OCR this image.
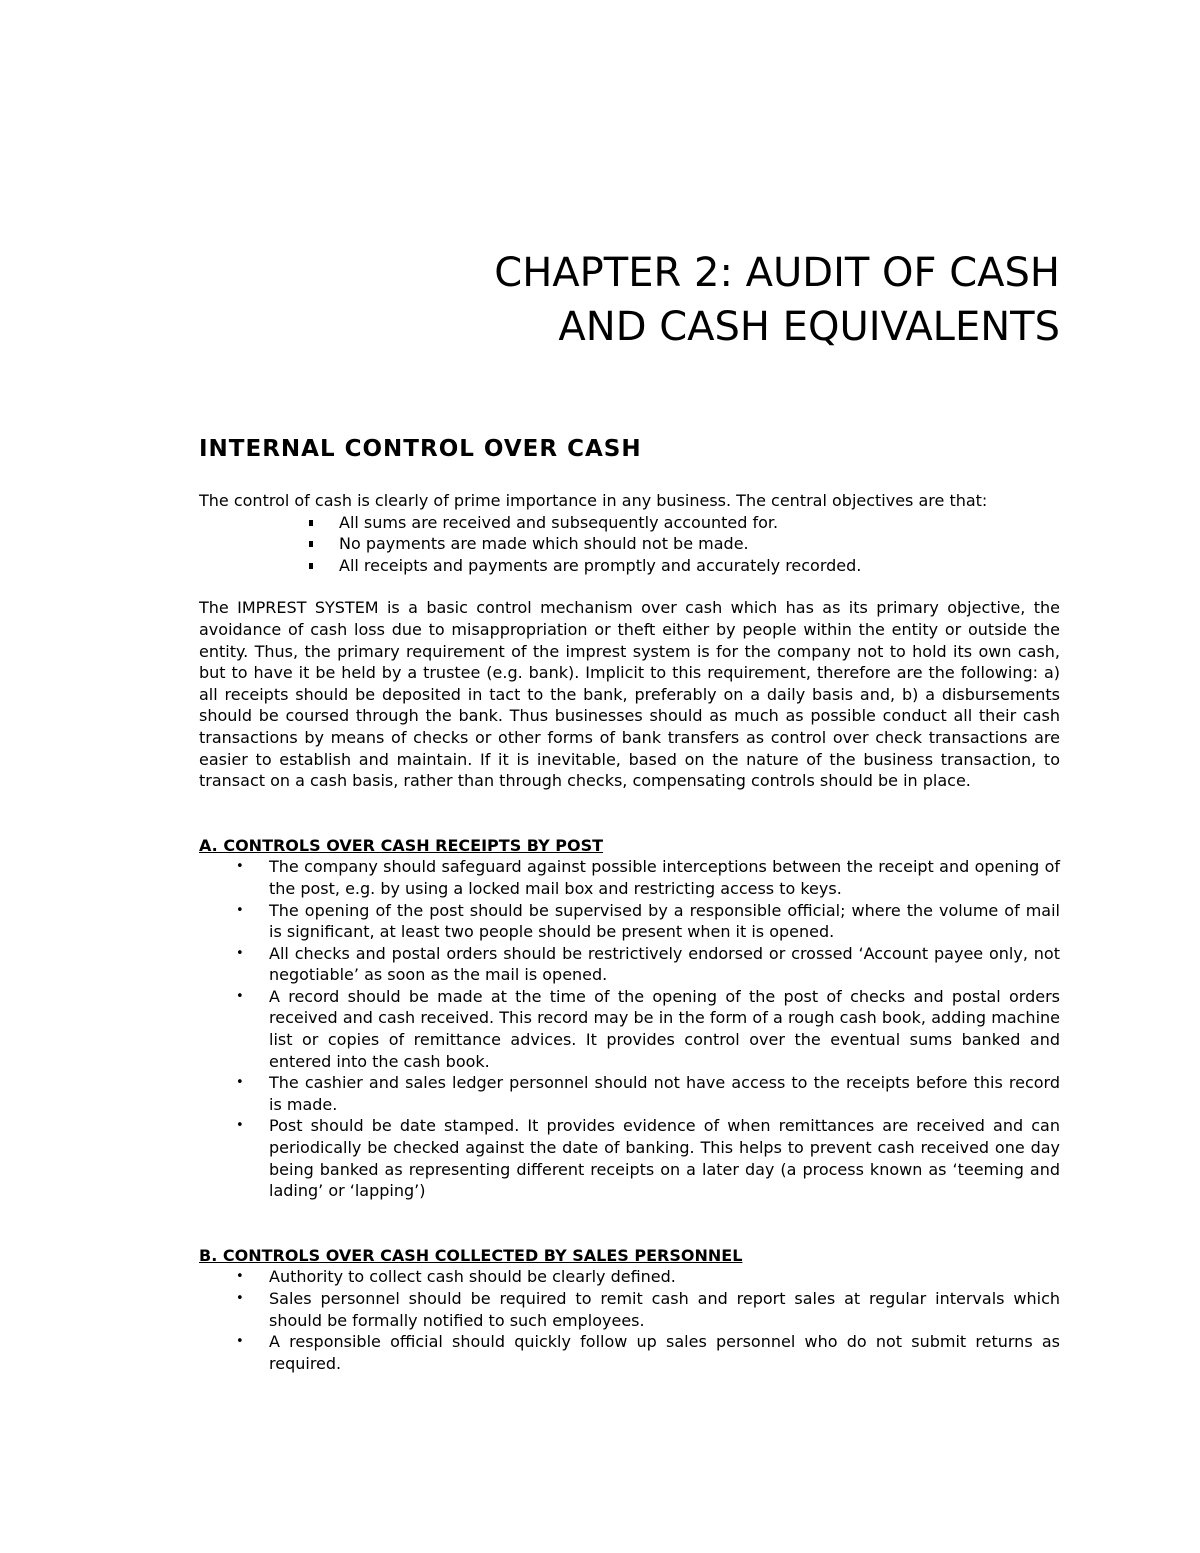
CHAPTER 2: AUDIT OF CASH
AND CASH EQUIVALENTS
INTERNAL CONTROL OVER CASH

The control of cash is clearly of prime importance in any business. The central objectives are that:

All sums are received and subsequently accounted for.
No payments are made which should not be made.
All receipts and payments are promptly and accurately recorded.

The IMPREST SYSTEM is a basic control mechanism over cash which has as its primary objective, the avoidance of cash loss due to misappropriation or theft either by people within the entity or outside the entity. Thus, the primary requirement of the imprest system is for the company not to hold its own cash, but to have it be held by a trustee (e.g. bank). Implicit to this requirement, therefore are the following: a) all receipts should be deposited in tact to the bank, preferably on a daily basis and, b) a disbursements should be coursed through the bank. Thus businesses should as much as possible conduct all their cash transactions by means of checks or other forms of bank transfers as control over check transactions are easier to establish and maintain. If it is inevitable, based on the nature of the business transaction, to transact on a cash basis, rather than through checks, compensating controls should be in place.

A. CONTROLS OVER CASH RECEIPTS BY POST

• The company should safeguard against possible interceptions between the receipt and opening of the post, e.g. by using a locked mail box and restricting access to keys.
• The opening of the post should be supervised by a responsible official; where the volume of mail is significant, at least two people should be present when it is opened.
• All checks and postal orders should be restrictively endorsed or crossed ‘Account payee only, not negotiable’ as soon as the mail is opened.
• A record should be made at the time of the opening of the post of checks and postal orders received and cash received. This record may be in the form of a rough cash book, adding machine list or copies of remittance advices. It provides control over the eventual sums banked and entered into the cash book.
• The cashier and sales ledger personnel should not have access to the receipts before this record is made.
• Post should be date stamped. It provides evidence of when remittances are received and can periodically be checked against the date of banking. This helps to prevent cash received one day being banked as representing different receipts on a later day (a process known as ‘teeming and lading’ or ‘lapping’)

B. CONTROLS OVER CASH COLLECTED BY SALES PERSONNEL

• Authority to collect cash should be clearly defined.
• Sales personnel should be required to remit cash and report sales at regular intervals which should be formally notified to such employees.
• A responsible official should quickly follow up sales personnel who do not submit returns as required.
